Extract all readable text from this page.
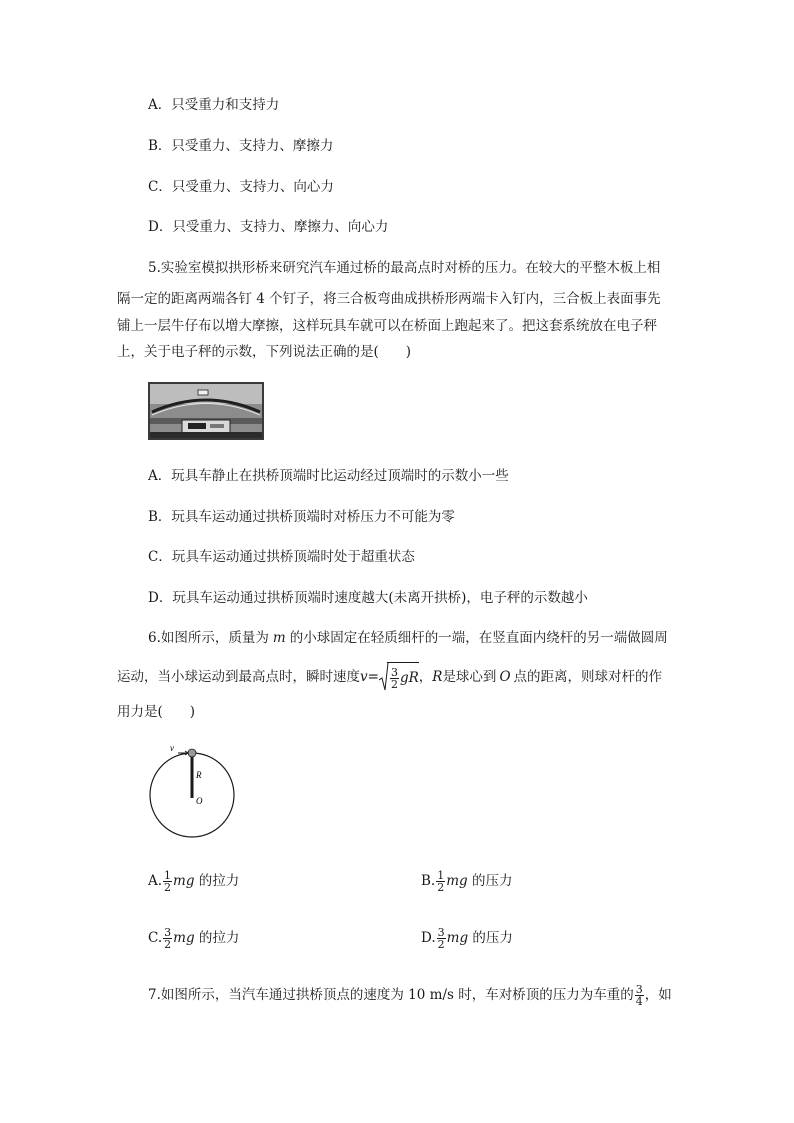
A．只受重力和支持力
B．只受重力、支持力、摩擦力
C．只受重力、支持力、向心力
D．只受重力、支持力、摩擦力、向心力
5.实验室模拟拱形桥来研究汽车通过桥的最高点时对桥的压力。在较大的平整木板上相
隔一定的距离两端各钉 4 个钉子，将三合板弯曲成拱桥形两端卡入钉内，三合板上表面事先
铺上一层牛仔布以增大摩擦，这样玩具车就可以在桥面上跑起来了。把这套系统放在电子秤
上，关于电子秤的示数，下列说法正确的是(　　)
A．玩具车静止在拱桥顶端时比运动经过顶端时的示数小一些
B．玩具车运动通过拱桥顶端时对桥压力不可能为零
C．玩具车运动通过拱桥顶端时处于超重状态
D．玩具车运动通过拱桥顶端时速度越大(未离开拱桥)，电子秤的示数越小
6.如图所示，质量为 m 的小球固定在轻质细杆的一端，在竖直面内绕杆的另一端做圆周
运动，当小球运动到最高点时，瞬时速度$v= \frac{3}{2}$ gR，R是球心到 O 点的距离，则球对杆的作
用力是(　　)
v
R
O
A. $\frac{1}{2}$ mg 的拉力	B. $\frac{1}{2}$ mg 的压力
C. $\frac{3}{2}$ mg 的拉力	D. $\frac{3}{2}$ mg 的压力
7.如图所示，当汽车通过拱桥顶点的速度为 10 m/s 时，车对桥顶的压力为车重的 $\frac{3}{4}$ ，如
